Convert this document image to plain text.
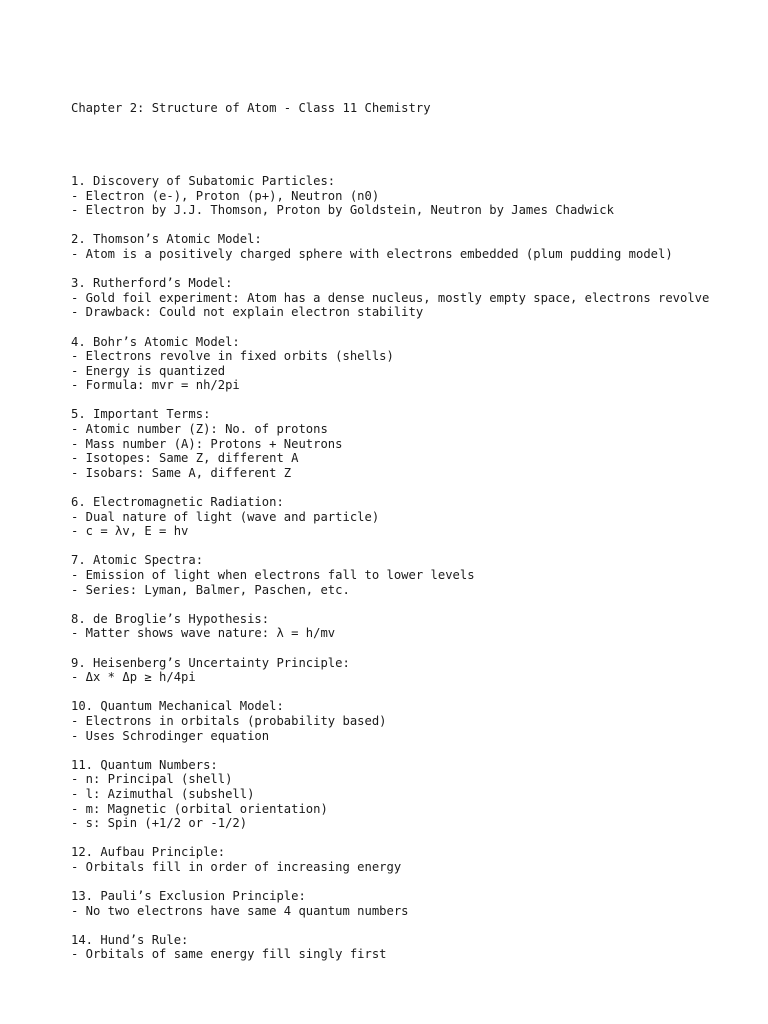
Chapter 2: Structure of Atom - Class 11 Chemistry

1. Discovery of Subatomic Particles:
- Electron (e-), Proton (p+), Neutron (n0)
- Electron by J.J. Thomson, Proton by Goldstein, Neutron by James Chadwick
2. Thomson’s Atomic Model:
- Atom is a positively charged sphere with electrons embedded (plum pudding model)
3. Rutherford’s Model:
- Gold foil experiment: Atom has a dense nucleus, mostly empty space, electrons revolve
- Drawback: Could not explain electron stability
4. Bohr’s Atomic Model:
- Electrons revolve in fixed orbits (shells)
- Energy is quantized
- Formula: mvr = nh/2pi
5. Important Terms:
- Atomic number (Z): No. of protons
- Mass number (A): Protons + Neutrons
- Isotopes: Same Z, different A
- Isobars: Same A, different Z
6. Electromagnetic Radiation:
- Dual nature of light (wave and particle)
- c = λv, E = hv
7. Atomic Spectra:
- Emission of light when electrons fall to lower levels
- Series: Lyman, Balmer, Paschen, etc.
8. de Broglie’s Hypothesis:
- Matter shows wave nature: λ = h/mv
9. Heisenberg’s Uncertainty Principle:
- Δx * Δp ≥ h/4pi
10. Quantum Mechanical Model:
- Electrons in orbitals (probability based)
- Uses Schrodinger equation
11. Quantum Numbers:
- n: Principal (shell)
- l: Azimuthal (subshell)
- m: Magnetic (orbital orientation)
- s: Spin (+1/2 or -1/2)
12. Aufbau Principle:
- Orbitals fill in order of increasing energy
13. Pauli’s Exclusion Principle:
- No two electrons have same 4 quantum numbers
14. Hund’s Rule:
- Orbitals of same energy fill singly first
